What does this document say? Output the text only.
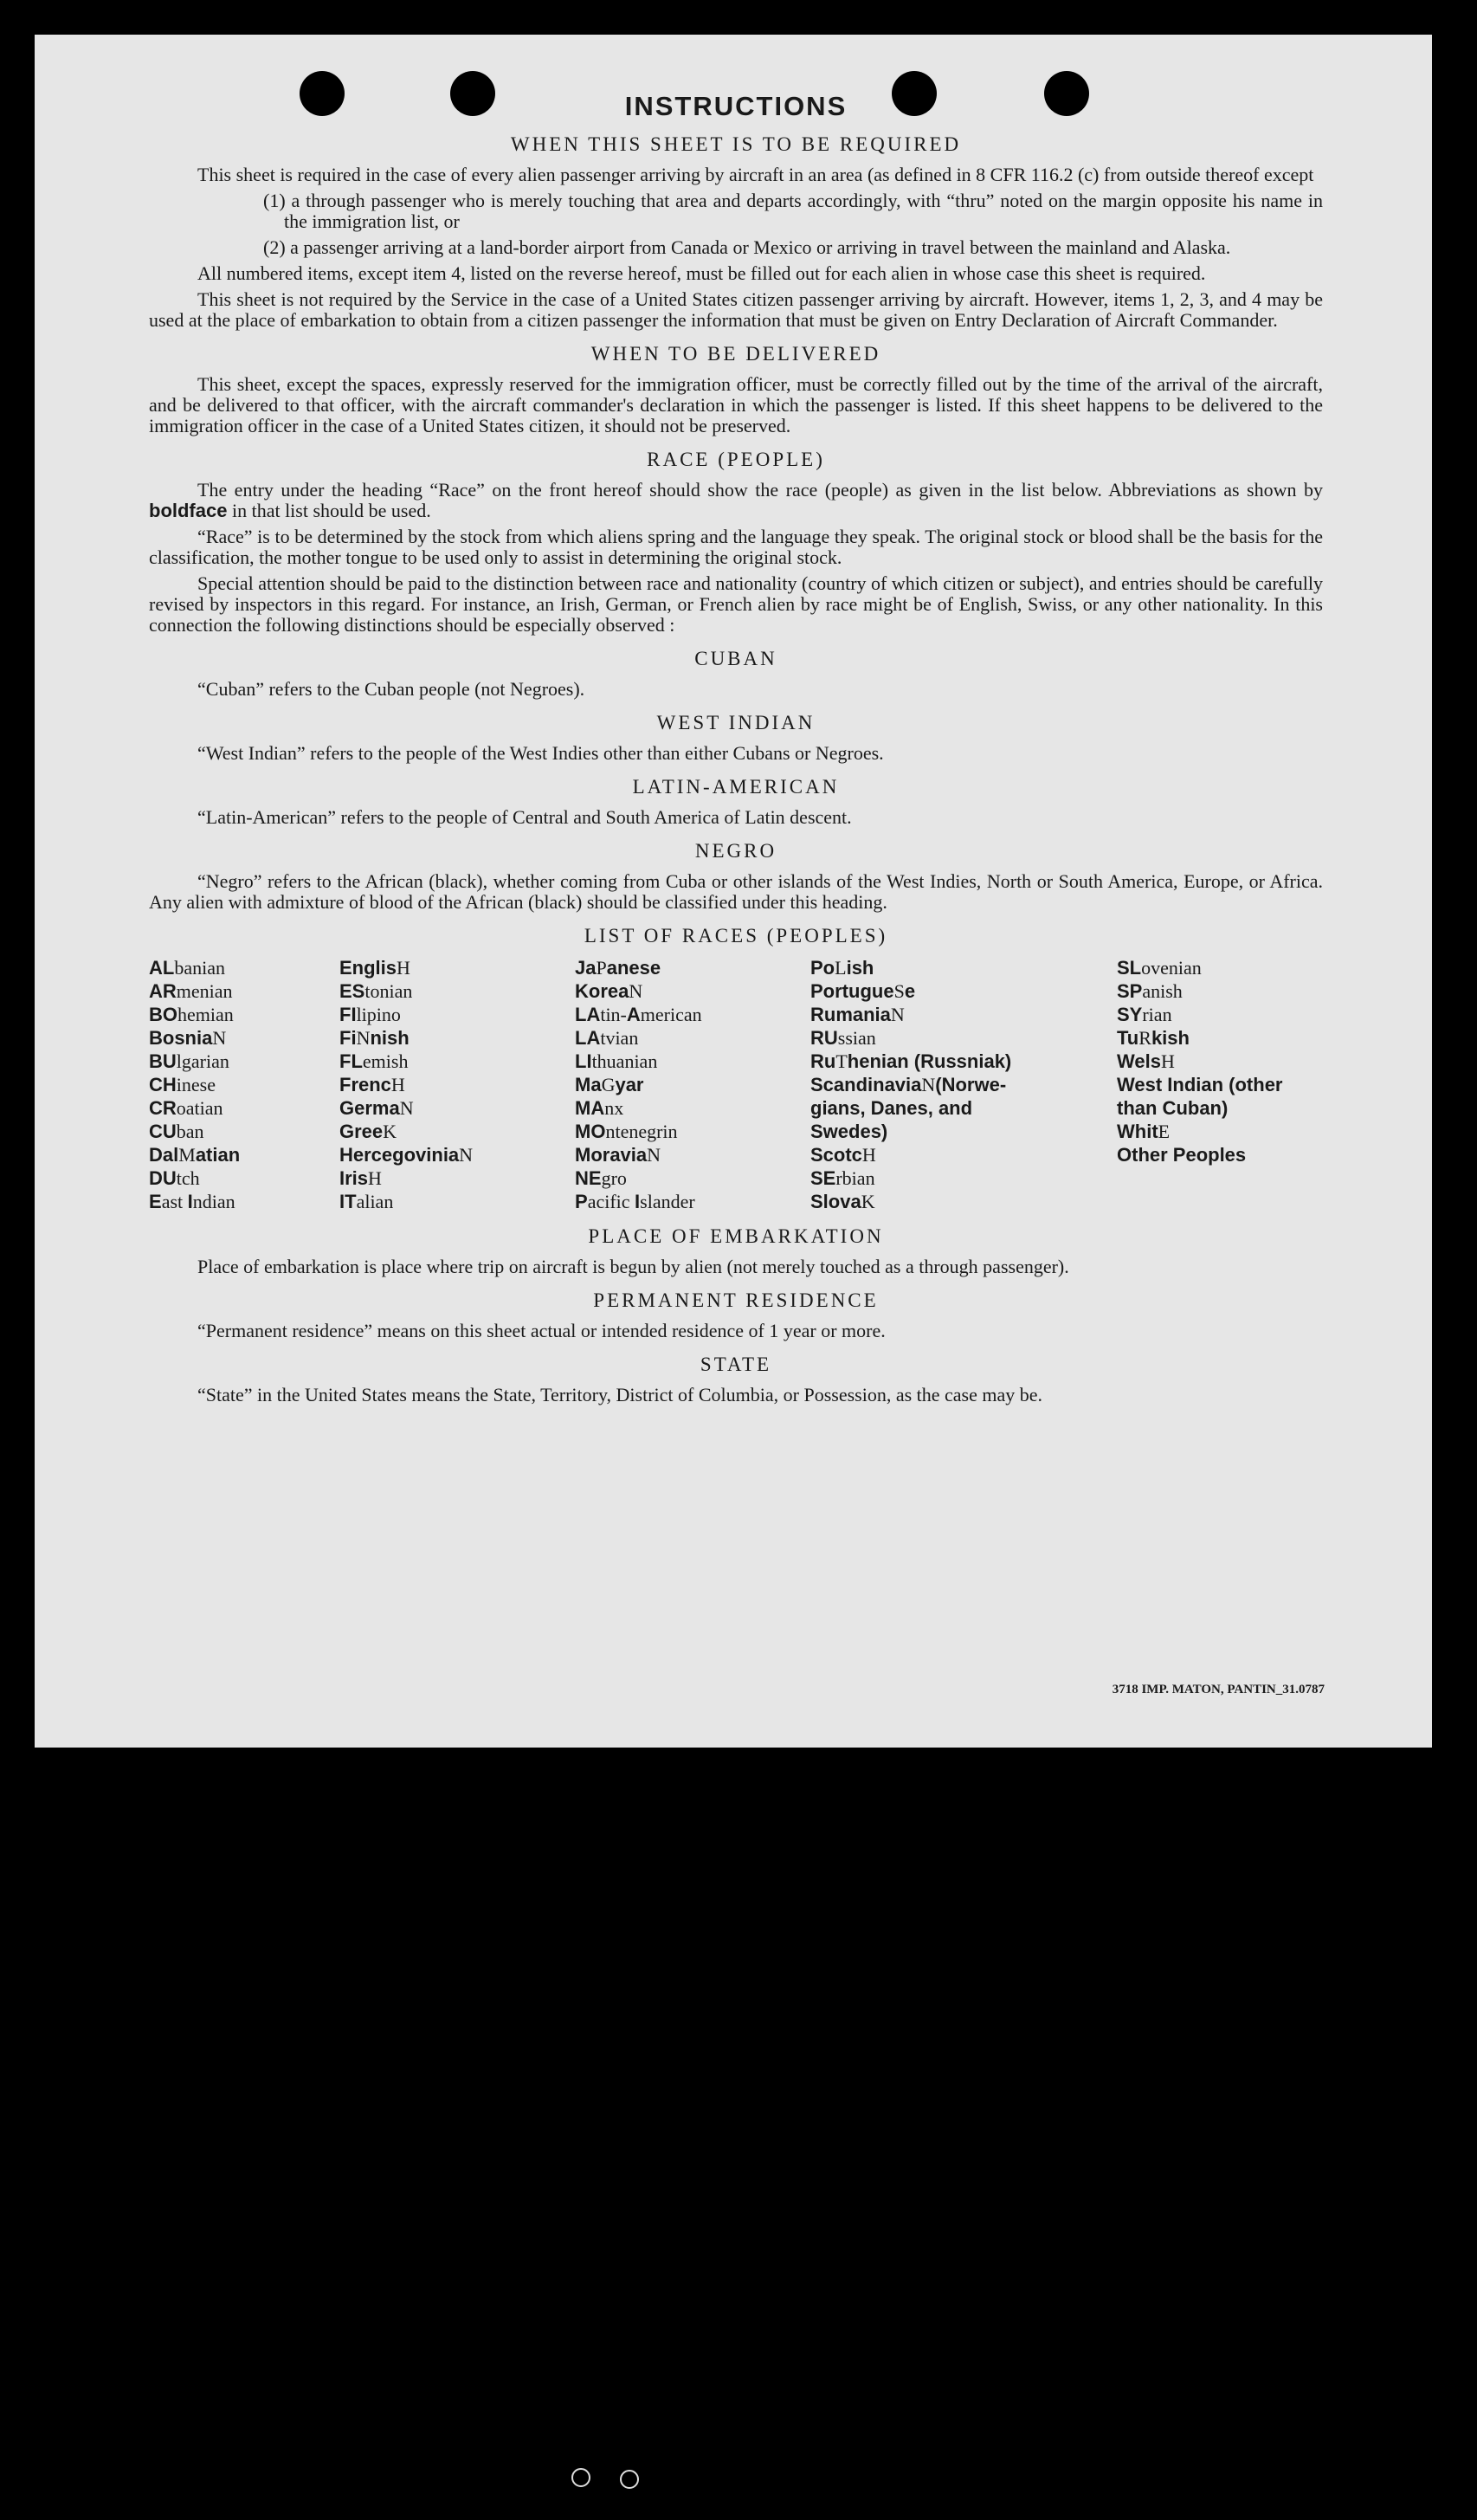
INSTRUCTIONS
WHEN THIS SHEET IS TO BE REQUIRED

This sheet is required in the case of every alien passenger arriving by aircraft in an area (as defined in 8 CFR 116.2 (c) from outside thereof except

(1) a through passenger who is merely touching that area and departs accordingly, with “thru” noted on the margin opposite his name in the immigration list, or
(2) a passenger arriving at a land-border airport from Canada or Mexico or arriving in travel between the mainland and Alaska.

All numbered items, except item 4, listed on the reverse hereof, must be filled out for each alien in whose case this sheet is required.

This sheet is not required by the Service in the case of a United States citizen passenger arriving by aircraft. However, items 1, 2, 3, and 4 may be used at the place of embarkation to obtain from a citizen passenger the information that must be given on Entry Declaration of Aircraft Commander.

WHEN TO BE DELIVERED

This sheet, except the spaces, expressly reserved for the immigration officer, must be correctly filled out by the time of the arrival of the aircraft, and be delivered to that officer, with the aircraft commander's declaration in which the passenger is listed. If this sheet happens to be delivered to the immigration officer in the case of a United States citizen, it should not be preserved.

RACE (PEOPLE)

The entry under the heading “Race” on the front hereof should show the race (people) as given in the list below. Abbreviations as shown by boldface in that list should be used.

“Race” is to be determined by the stock from which aliens spring and the language they speak. The original stock or blood shall be the basis for the classification, the mother tongue to be used only to assist in determining the original stock.

Special attention should be paid to the distinction between race and nationality (country of which citizen or subject), and entries should be carefully revised by inspectors in this regard. For instance, an Irish, German, or French alien by race might be of English, Swiss, or any other nationality. In this connection the following distinctions should be especially observed :

CUBAN

“Cuban” refers to the Cuban people (not Negroes).

WEST INDIAN

“West Indian” refers to the people of the West Indies other than either Cubans or Negroes.

LATIN-AMERICAN

“Latin-American” refers to the people of Central and South America of Latin descent.

NEGRO

“Negro” refers to the African (black), whether coming from Cuba or other islands of the West Indies, North or South America, Europe, or Africa. Any alien with admixture of blood of the African (black) should be classified under this heading.

LIST OF RACES (PEOPLES)
ALbanian
ARmenian
BOhemian
BosniaN
BUlgarian
CHinese
CRoatian
CUban
DalMatian
DUtch
East Indian
EnglisH
EStonian
FIlipino
FiNnish
FLemish
FrencH
GermaN
GreeK
HercegoviniaN
IrisH
ITalian
JaPanese
KoreaN
LAtin-American
LAtvian
LIthuanian
MaGyar
MAnx
MOntenegrin
MoraviaN
NEgro
Pacific Islander
PoLish
PortugueSe
RumaniaN
RUssian
RuThenian (Russniak)
ScandinaviaN(Norwe-
gians, Danes, and
Swedes)
ScotcH
SErbian
SlovaK
SLovenian
SPanish
SYrian
TuRkish
WelsH
West Indian (other
than Cuban)
WhitE
Other Peoples
PLACE OF EMBARKATION

Place of embarkation is place where trip on aircraft is begun by alien (not merely touched as a through passenger).

PERMANENT RESIDENCE

“Permanent residence” means on this sheet actual or intended residence of 1 year or more.

STATE

“State” in the United States means the State, Territory, District of Columbia, or Possession, as the case may be.

3718 IMP. MATON, PANTIN_31.0787
